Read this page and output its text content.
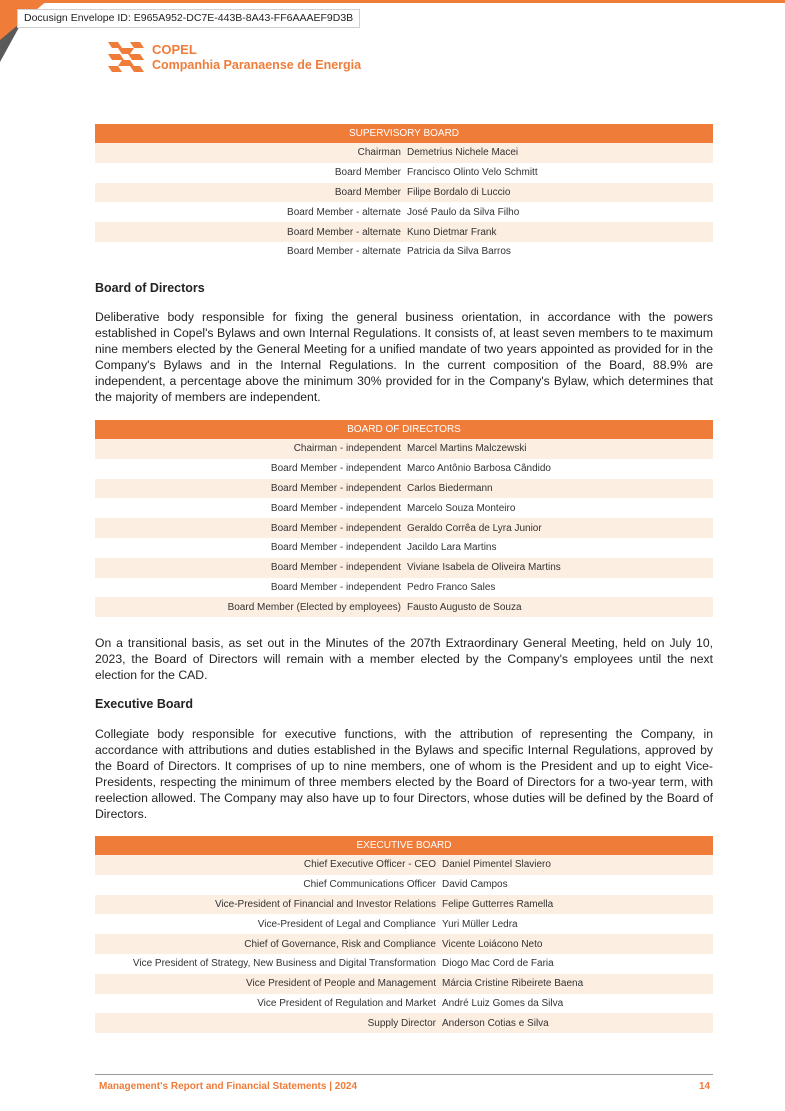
Docusign Envelope ID: E965A952-DC7E-443B-8A43-FF6AAAEF9D3B
COPEL
Companhia Paranaense de Energia
SUPERVISORY BOARD
Chairman Demetrius Nichele Macei
Board Member Francisco Olinto Velo Schmitt
Board Member Filipe Bordalo di Luccio
Board Member - alternate José Paulo da Silva Filho
Board Member - alternate Kuno Dietmar Frank
Board Member - alternate Patricia da Silva Barros
Board of Directors
Deliberative body responsible for fixing the general business orientation, in accordance with the powers established in Copel's Bylaws and own Internal Regulations. It consists of, at least seven members to te maximum nine members elected by the General Meeting for a unified mandate of two years appointed as provided for in the Company's Bylaws and in the Internal Regulations. In the current composition of the Board, 88.9% are independent, a percentage above the minimum 30% provided for in the Company's Bylaw, which determines that the majority of members are independent.
BOARD OF DIRECTORS
Chairman - independent Marcel Martins Malczewski
Board Member - independent Marco Antônio Barbosa Cândido
Board Member - independent Carlos Biedermann
Board Member - independent Marcelo Souza Monteiro
Board Member - independent Geraldo Corrêa de Lyra Junior
Board Member - independent Jacildo Lara Martins
Board Member - independent Viviane Isabela de Oliveira Martins
Board Member - independent Pedro Franco Sales
Board Member (Elected by employees) Fausto Augusto de Souza
On a transitional basis, as set out in the Minutes of the 207th Extraordinary General Meeting, held on July 10, 2023, the Board of Directors will remain with a member elected by the Company's employees until the next election for the CAD.
Executive Board
Collegiate body responsible for executive functions, with the attribution of representing the Company, in accordance with attributions and duties established in the Bylaws and specific Internal Regulations, approved by the Board of Directors. It comprises of up to nine members, one of whom is the President and up to eight Vice-Presidents, respecting the minimum of three members elected by the Board of Directors for a two-year term, with reelection allowed. The Company may also have up to four Directors, whose duties will be defined by the Board of Directors.
EXECUTIVE BOARD
Chief Executive Officer - CEO Daniel Pimentel Slaviero
Chief Communications Officer David Campos
Vice-President of Financial and Investor Relations Felipe Gutterres Ramella
Vice-President of Legal and Compliance Yuri Müller Ledra
Chief of Governance, Risk and Compliance Vicente Loiácono Neto
Vice President of Strategy, New Business and Digital Transformation Diogo Mac Cord de Faria
Vice President of People and Management Márcia Cristine Ribeirete Baena
Vice President of Regulation and Market André Luiz Gomes da Silva
Supply Director Anderson Cotias e Silva
Management's Report and Financial Statements | 2024	14
